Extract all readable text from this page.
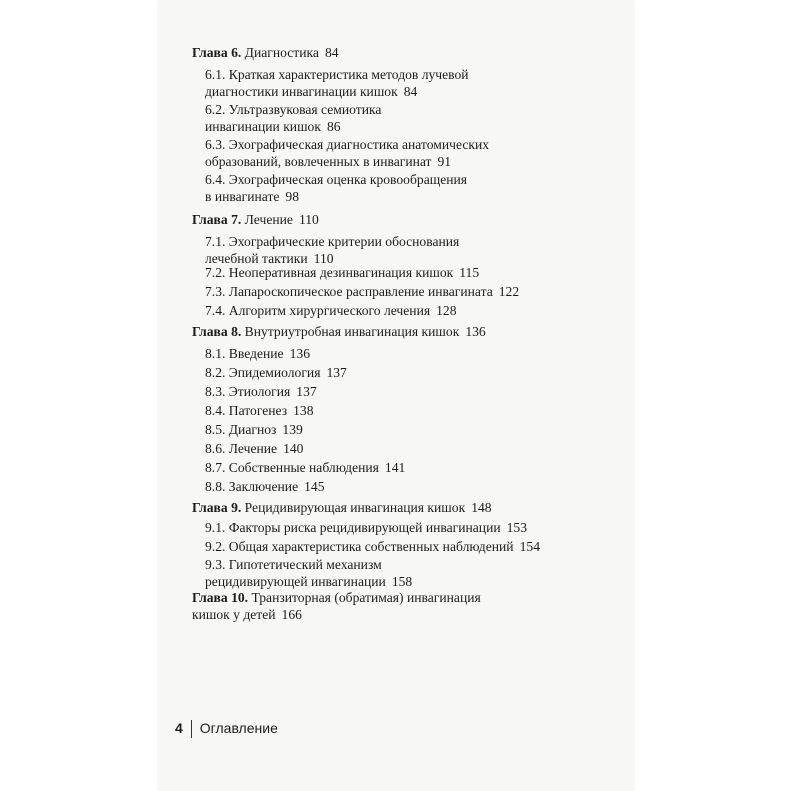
Глава 6. Диагностика 84
6.1. Краткая характеристика методов лучевой
диагностики инвагинации кишок 84
6.2. Ультразвуковая семиотика
инвагинации кишок 86
6.3. Эхографическая диагностика анатомических
образований, вовлеченных в инвагинат 91
6.4. Эхографическая оценка кровообращения
в инвагинате 98
Глава 7. Лечение 110
7.1. Эхографические критерии обоснования
лечебной тактики 110
7.2. Неоперативная дезинвагинация кишок 115
7.3. Лапароскопическое расправление инвагината 122
7.4. Алгоритм хирургического лечения 128
Глава 8. Внутриутробная инвагинация кишок 136
8.1. Введение 136
8.2. Эпидемиология 137
8.3. Этиология 137
8.4. Патогенез 138
8.5. Диагноз 139
8.6. Лечение 140
8.7. Собственные наблюдения 141
8.8. Заключение 145
Глава 9. Рецидивирующая инвагинация кишок 148
9.1. Факторы риска рецидивирующей инвагинации 153
9.2. Общая характеристика собственных наблюдений 154
9.3. Гипотетический механизм
рецидивирующей инвагинации 158
Глава 10. Транзиторная (обратимая) инвагинация
кишок у детей 166
4 Оглавление
